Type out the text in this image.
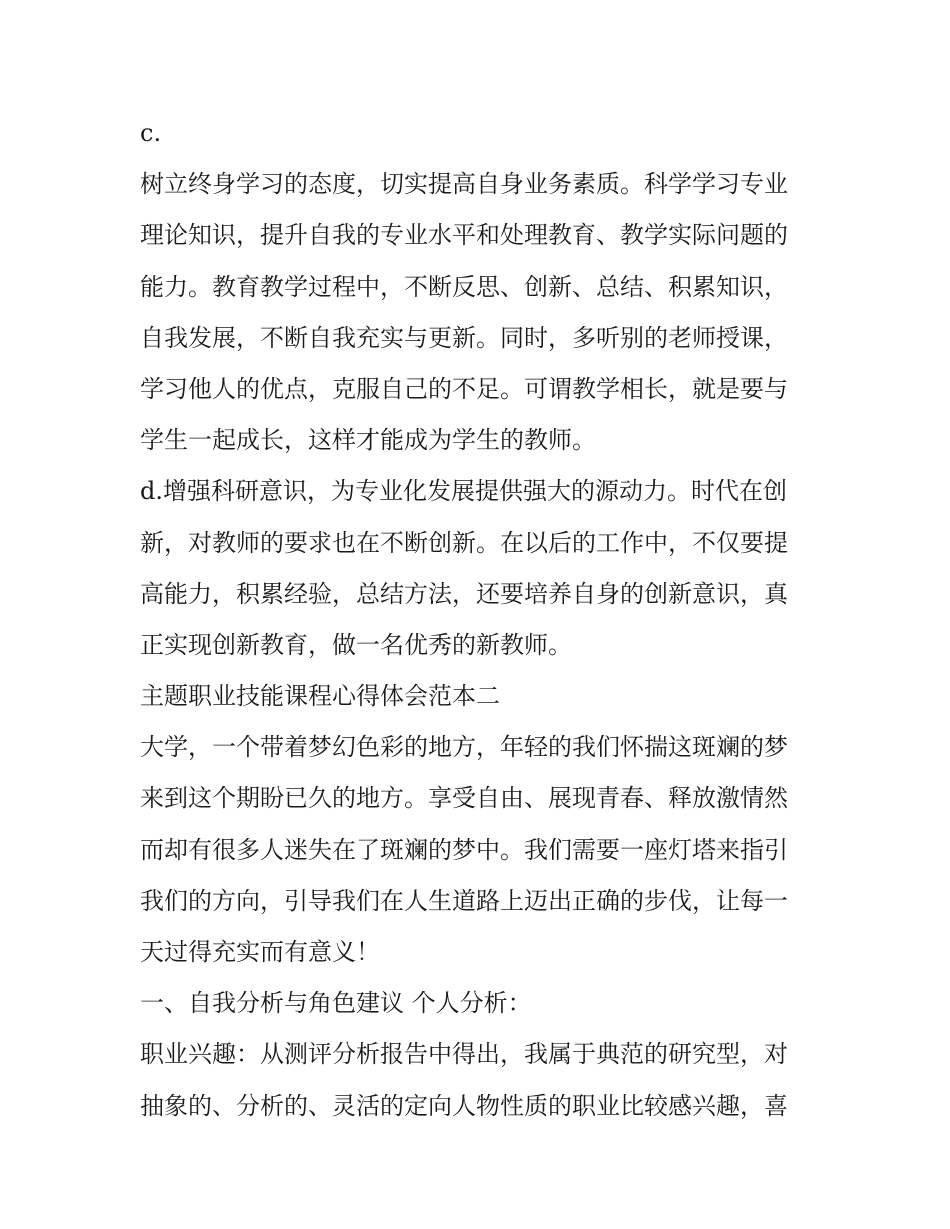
c.
树立终身学习的态度，切实提高自身业务素质。科学学习专业
理论知识，提升自我的专业水平和处理教育、教学实际问题的
能力。教育教学过程中，不断反思、创新、总结、积累知识，
自我发展，不断自我充实与更新。同时，多听别的老师授课，
学习他人的优点，克服自己的不足。可谓教学相长，就是要与
学生一起成长，这样才能成为学生的教师。
d.增强科研意识，为专业化发展提供强大的源动力。时代在创
新，对教师的要求也在不断创新。在以后的工作中，不仅要提
高能力，积累经验，总结方法，还要培养自身的创新意识，真
正实现创新教育，做一名优秀的新教师。
主题职业技能课程心得体会范本二
大学，一个带着梦幻色彩的地方，年轻的我们怀揣这斑斓的梦
来到这个期盼已久的地方。享受自由、展现青春、释放激情然
而却有很多人迷失在了斑斓的梦中。我们需要一座灯塔来指引
我们的方向，引导我们在人生道路上迈出正确的步伐，让每一
天过得充实而有意义！
一、自我分析与角色建议 个人分析：
职业兴趣：从测评分析报告中得出，我属于典范的研究型，对
抽象的、分析的、灵活的定向人物性质的职业比较感兴趣，喜
